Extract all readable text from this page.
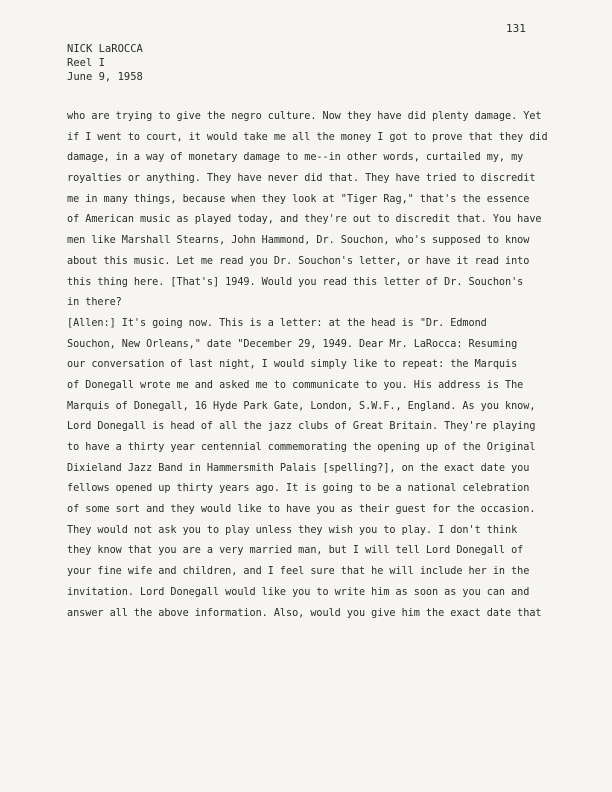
131
NICK LaROCCA
Reel I
June 9, 1958
who are trying to give the negro culture. Now they have did plenty damage. Yet
if I went to court, it would take me all the money I got to prove that they did
damage, in a way of monetary damage to me--in other words, curtailed my, my
royalties or anything. They have never did that. They have tried to discredit
me in many things, because when they look at "Tiger Rag," that's the essence
of American music as played today, and they're out to discredit that. You have
men like Marshall Stearns, John Hammond, Dr. Souchon, who's supposed to know
about this music. Let me read you Dr. Souchon's letter, or have it read into
this thing here. [That's] 1949. Would you read this letter of Dr. Souchon's
in there?
[Allen:] It's going now. This is a letter: at the head is "Dr. Edmond
Souchon, New Orleans," date "December 29, 1949. Dear Mr. LaRocca: Resuming
our conversation of last night, I would simply like to repeat: the Marquis
of Donegall wrote me and asked me to communicate to you. His address is The
Marquis of Donegall, 16 Hyde Park Gate, London, S.W.F., England. As you know,
Lord Donegall is head of all the jazz clubs of Great Britain. They're playing
to have a thirty year centennial commemorating the opening up of the Original
Dixieland Jazz Band in Hammersmith Palais [spelling?], on the exact date you
fellows opened up thirty years ago. It is going to be a national celebration
of some sort and they would like to have you as their guest for the occasion.
They would not ask you to play unless they wish you to play. I don't think
they know that you are a very married man, but I will tell Lord Donegall of
your fine wife and children, and I feel sure that he will include her in the
invitation. Lord Donegall would like you to write him as soon as you can and
answer all the above information. Also, would you give him the exact date that
